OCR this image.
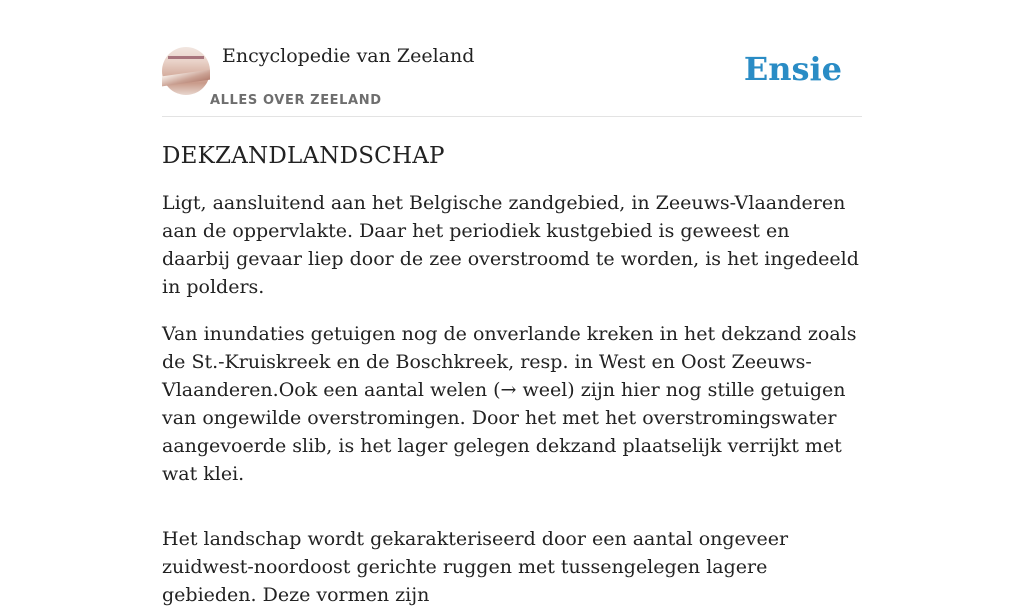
Encyclopedie van Zeeland
ALLES OVER ZEELAND
Ensie
DEKZANDLANDSCHAP

Ligt, aansluitend aan het Belgische zandgebied, in Zeeuws-Vlaanderen aan de oppervlakte. Daar het periodiek kustgebied is geweest en daarbij gevaar liep door de zee overstroomd te worden, is het ingedeeld in polders.

Van inundaties getuigen nog de onverlande kreken in het dekzand zoals de St.-Kruiskreek en de Boschkreek, resp. in West en Oost Zeeuws-Vlaanderen.Ook een aantal welen (→ weel) zijn hier nog stille getuigen van ongewilde overstromingen. Door het met het overstromingswater aangevoerde slib, is het lager gelegen dekzand plaatselijk verrijkt met wat klei.

Het landschap wordt gekarakteriseerd door een aantal ongeveer zuidwest-noordoost gerichte ruggen met tussengelegen lagere gebieden. Deze vormen zijn
